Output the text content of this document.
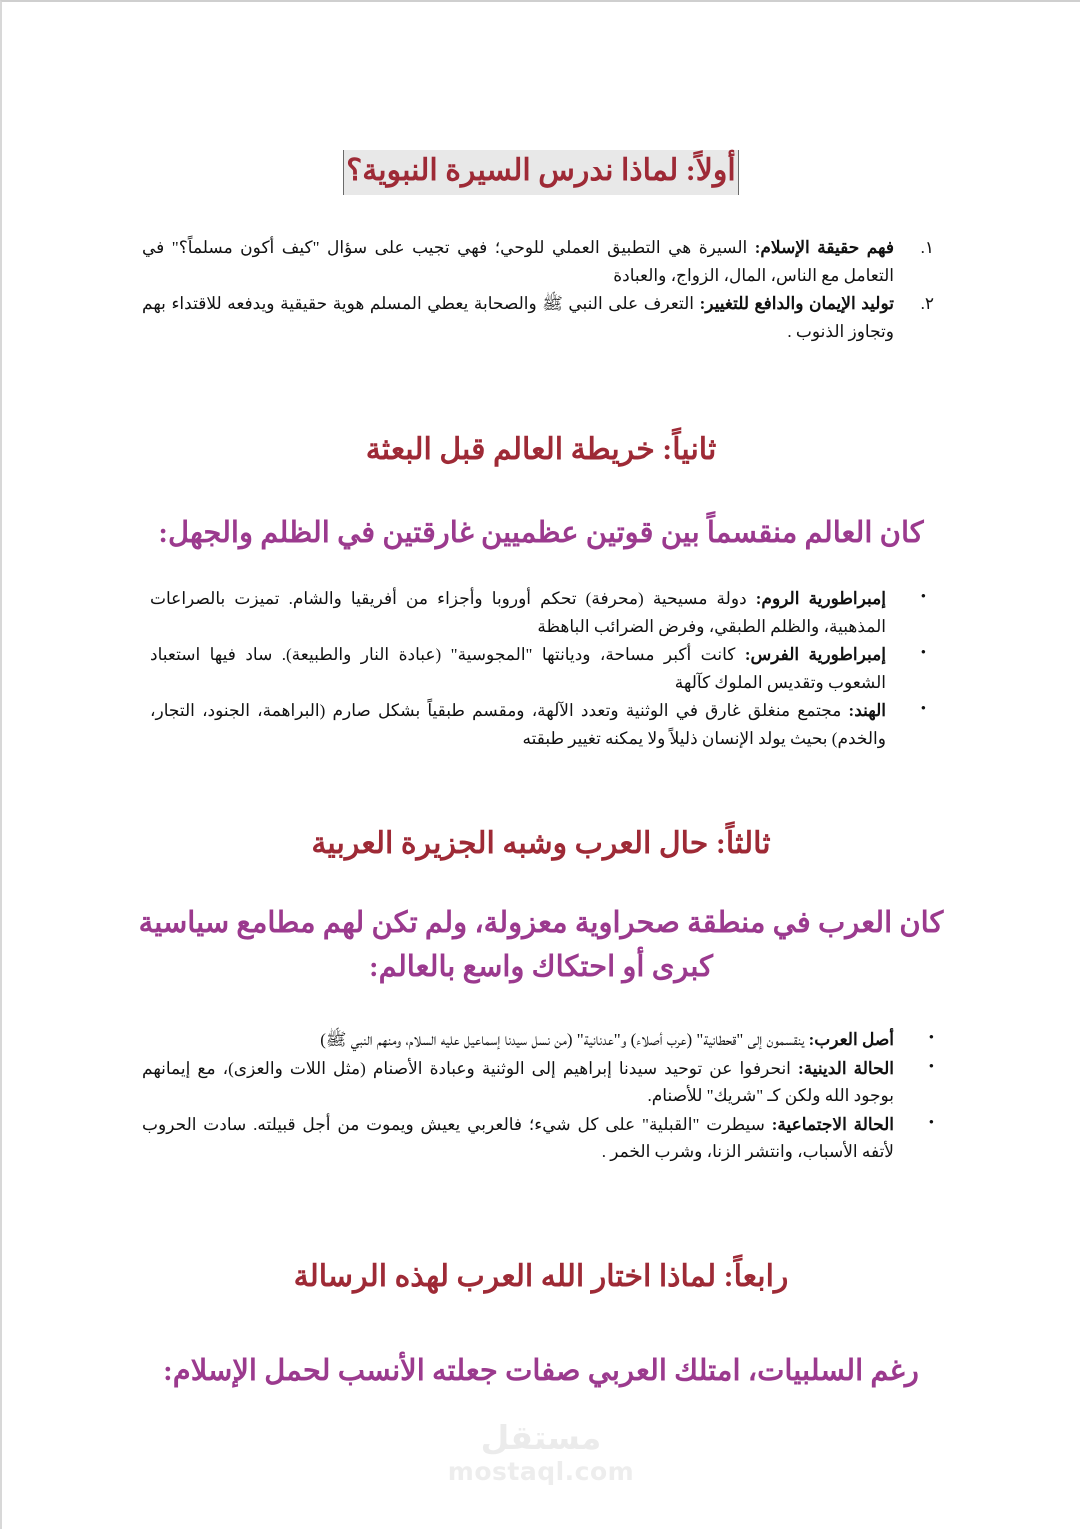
أولاً: لماذا ندرس السيرة النبوية؟
١.
فهم حقيقة الإسلام: السيرة هي التطبيق العملي للوحي؛ فهي تجيب على سؤال "كيف أكون مسلماً؟" في التعامل مع الناس، المال، الزواج، والعبادة
٢.
توليد الإيمان والدافع للتغيير: التعرف على النبي ﷺ والصحابة يعطي المسلم هوية حقيقية ويدفعه للاقتداء بهم وتجاوز الذنوب .
ثانياً: خريطة العالم قبل البعثة
كان العالم منقسماً بين قوتين عظميين غارقتين في الظلم والجهل:
•
إمبراطورية الروم: دولة مسيحية (محرفة) تحكم أوروبا وأجزاء من أفريقيا والشام. تميزت بالصراعات المذهبية، والظلم الطبقي، وفرض الضرائب الباهظة
•
إمبراطورية الفرس: كانت أكبر مساحة، وديانتها "المجوسية" (عبادة النار والطبيعة). ساد فيها استعباد الشعوب وتقديس الملوك كآلهة
•
الهند: مجتمع منغلق غارق في الوثنية وتعدد الآلهة، ومقسم طبقياً بشكل صارم (البراهمة، الجنود، التجار، والخدم) بحيث يولد الإنسان ذليلاً ولا يمكنه تغيير طبقته
ثالثاً: حال العرب وشبه الجزيرة العربية
كان العرب في منطقة صحراوية معزولة، ولم تكن لهم مطامع سياسية كبرى أو احتكاك واسع بالعالم:
•
أصل العرب: ينقسمون إلى "قحطانية" (عرب أصلاء) و"عدنانية" (من نسل سيدنا إسماعيل عليه السلام، ومنهم النبي ﷺ)
•
الحالة الدينية: انحرفوا عن توحيد سيدنا إبراهيم إلى الوثنية وعبادة الأصنام (مثل اللات والعزى)، مع إيمانهم بوجود الله ولكن كـ "شريك" للأصنام.
•
الحالة الاجتماعية: سيطرت "القبلية" على كل شيء؛ فالعربي يعيش ويموت من أجل قبيلته. سادت الحروب لأتفه الأسباب، وانتشر الزنا، وشرب الخمر .
رابعاً: لماذا اختار الله العرب لهذه الرسالة
رغم السلبيات، امتلك العربي صفات جعلته الأنسب لحمل الإسلام:
مستقل
mostaql.com
